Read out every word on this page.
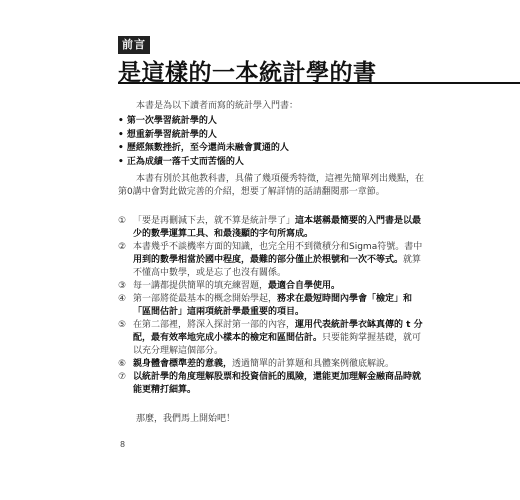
前言
是這樣的一本統計學的書

本書是為以下讀者而寫的統計學入門書：

• 第一次學習統計學的人
• 想重新學習統計學的人
• 歷經無數挫折，至今還尚未融會貫通的人
• 正為成績一落千丈而苦惱的人

本書有別於其他教科書，具備了幾項優秀特徵，這裡先簡單列出幾點，在第0講中會對此做完善的介紹，想要了解詳情的話請翻閱那一章節。

① 「要是再刪減下去，就不算是統計學了」這本堪稱最簡要的入門書是以最少的數學運算工具、和最淺顯的字句所寫成。
② 本書幾乎不談機率方面的知識，也完全用不到微積分和Sigma符號。書中用到的數學相當於國中程度，最難的部分僅止於根號和一次不等式。就算不懂高中數學，或是忘了也沒有關係。
③ 每一講都提供簡單的填充練習題，最適合自學使用。
④ 第一部將從最基本的概念開始學起，務求在最短時間內學會「檢定」和「區間估計」這兩項統計學最重要的項目。
⑤ 在第二部裡，將深入探討第一部的內容，運用代表統計學衣缽真傳的 t 分配，最有效率地完成小樣本的檢定和區間估計。只要能夠掌握基礎，就可以充分理解這個部分。
⑥ 親身體會標準差的意義，透過簡單的計算題和具體案例徹底解說。
⑦ 以統計學的角度理解股票和投資信託的風險，還能更加理解金融商品時就能更精打細算。

那麼，我們馬上開始吧！

8
